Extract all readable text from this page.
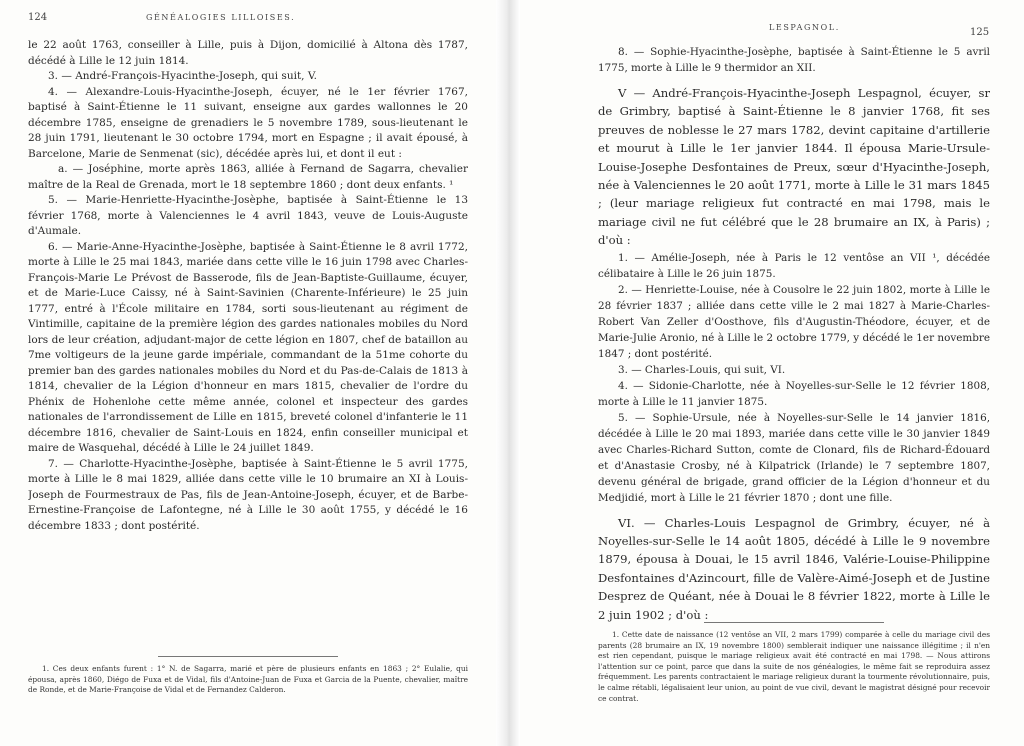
124	GÉNÉALOGIES LILLOISES.

le 22 août 1763, conseiller à Lille, puis à Dijon, domicilié à Altona dès 1787, décédé à Lille le 12 juin 1814.

3. — André-François-Hyacinthe-Joseph, qui suit, V.

4. — Alexandre-Louis-Hyacinthe-Joseph, écuyer, né le 1er février 1767, baptisé à Saint-Étienne le 11 suivant, enseigne aux gardes wallonnes le 20 décembre 1785, enseigne de grenadiers le 5 novembre 1789, sous-lieutenant le 28 juin 1791, lieutenant le 30 octobre 1794, mort en Espagne ; il avait épousé, à Barcelone, Marie de Senmenat (sic), décédée après lui, et dont il eut :

a. — Joséphine, morte après 1863, alliée à Fernand de Sagarra, chevalier maître de la Real de Grenada, mort le 18 septembre 1860 ; dont deux enfants. ¹

5. — Marie-Henriette-Hyacinthe-Josèphe, baptisée à Saint-Étienne le 13 février 1768, morte à Valenciennes le 4 avril 1843, veuve de Louis-Auguste d'Aumale.

6. — Marie-Anne-Hyacinthe-Josèphe, baptisée à Saint-Étienne le 8 avril 1772, morte à Lille le 25 mai 1843, mariée dans cette ville le 16 juin 1798 avec Charles-François-Marie Le Prévost de Basserode, fils de Jean-Baptiste-Guillaume, écuyer, et de Marie-Luce Caissy, né à Saint-Savinien (Charente-Inférieure) le 25 juin 1777, entré à l'École militaire en 1784, sorti sous-lieutenant au régiment de Vintimille, capitaine de la première légion des gardes nationales mobiles du Nord lors de leur création, adjudant-major de cette légion en 1807, chef de bataillon au 7me voltigeurs de la jeune garde impériale, commandant de la 51me cohorte du premier ban des gardes nationales mobiles du Nord et du Pas-de-Calais de 1813 à 1814, chevalier de la Légion d'honneur en mars 1815, chevalier de l'ordre du Phénix de Hohenlohe cette même année, colonel et inspecteur des gardes nationales de l'arrondissement de Lille en 1815, breveté colonel d'infanterie le 11 décembre 1816, chevalier de Saint-Louis en 1824, enfin conseiller municipal et maire de Wasquehal, décédé à Lille le 24 juillet 1849.

7. — Charlotte-Hyacinthe-Josèphe, baptisée à Saint-Étienne le 5 avril 1775, morte à Lille le 8 mai 1829, alliée dans cette ville le 10 brumaire an XI à Louis-Joseph de Fourmestraux de Pas, fils de Jean-Antoine-Joseph, écuyer, et de Barbe-Ernestine-Françoise de Lafontegne, né à Lille le 30 août 1755, y décédé le 16 décembre 1833 ; dont postérité.

1. Ces deux enfants furent : 1° N. de Sagarra, marié et père de plusieurs enfants en 1863 ; 2° Eulalie, qui épousa, après 1860, Diégo de Fuxa et de Vidal, fils d'Antoine-Juan de Fuxa et Garcia de la Puente, chevalier, maître de Ronde, et de Marie-Françoise de Vidal et de Fernandez Calderon.

LESPAGNOL.	125

8. — Sophie-Hyacinthe-Josèphe, baptisée à Saint-Étienne le 5 avril 1775, morte à Lille le 9 thermidor an XII.

V — André-François-Hyacinthe-Joseph Lespagnol, écuyer, sr de Grimbry, baptisé à Saint-Étienne le 8 janvier 1768, fit ses preuves de noblesse le 27 mars 1782, devint capitaine d'artillerie et mourut à Lille le 1er janvier 1844. Il épousa Marie-Ursule-Louise-Josephe Desfontaines de Preux, sœur d'Hyacinthe-Joseph, née à Valenciennes le 20 août 1771, morte à Lille le 31 mars 1845 ; (leur mariage religieux fut contracté en mai 1798, mais le mariage civil ne fut célébré que le 28 brumaire an IX, à Paris) ; d'où :

1. — Amélie-Joseph, née à Paris le 12 ventôse an VII ¹, décédée célibataire à Lille le 26 juin 1875.

2. — Henriette-Louise, née à Cousolre le 22 juin 1802, morte à Lille le 28 février 1837 ; alliée dans cette ville le 2 mai 1827 à Marie-Charles-Robert Van Zeller d'Oosthove, fils d'Augustin-Théodore, écuyer, et de Marie-Julie Aronio, né à Lille le 2 octobre 1779, y décédé le 1er novembre 1847 ; dont postérité.

3. — Charles-Louis, qui suit, VI.

4. — Sidonie-Charlotte, née à Noyelles-sur-Selle le 12 février 1808, morte à Lille le 11 janvier 1875.

5. — Sophie-Ursule, née à Noyelles-sur-Selle le 14 janvier 1816, décédée à Lille le 20 mai 1893, mariée dans cette ville le 30 janvier 1849 avec Charles-Richard Sutton, comte de Clonard, fils de Richard-Édouard et d'Anastasie Crosby, né à Kilpatrick (Irlande) le 7 septembre 1807, devenu général de brigade, grand officier de la Légion d'honneur et du Medjidié, mort à Lille le 21 février 1870 ; dont une fille.

VI. — Charles-Louis Lespagnol de Grimbry, écuyer, né à Noyelles-sur-Selle le 14 août 1805, décédé à Lille le 9 novembre 1879, épousa à Douai, le 15 avril 1846, Valérie-Louise-Philippine Desfontaines d'Azincourt, fille de Valère-Aimé-Joseph et de Justine Desprez de Quéant, née à Douai le 8 février 1822, morte à Lille le 2 juin 1902 ; d'où :

1. Cette date de naissance (12 ventôse an VII, 2 mars 1799) comparée à celle du mariage civil des parents (28 brumaire an IX, 19 novembre 1800) semblerait indiquer une naissance illégitime ; il n'en est rien cependant, puisque le mariage religieux avait été contracté en mai 1798. — Nous attirons l'attention sur ce point, parce que dans la suite de nos généalogies, le même fait se reproduira assez fréquemment. Les parents contractaient le mariage religieux durant la tourmente révolutionnaire, puis, le calme rétabli, légalisaient leur union, au point de vue civil, devant le magistrat désigné pour recevoir ce contrat.
